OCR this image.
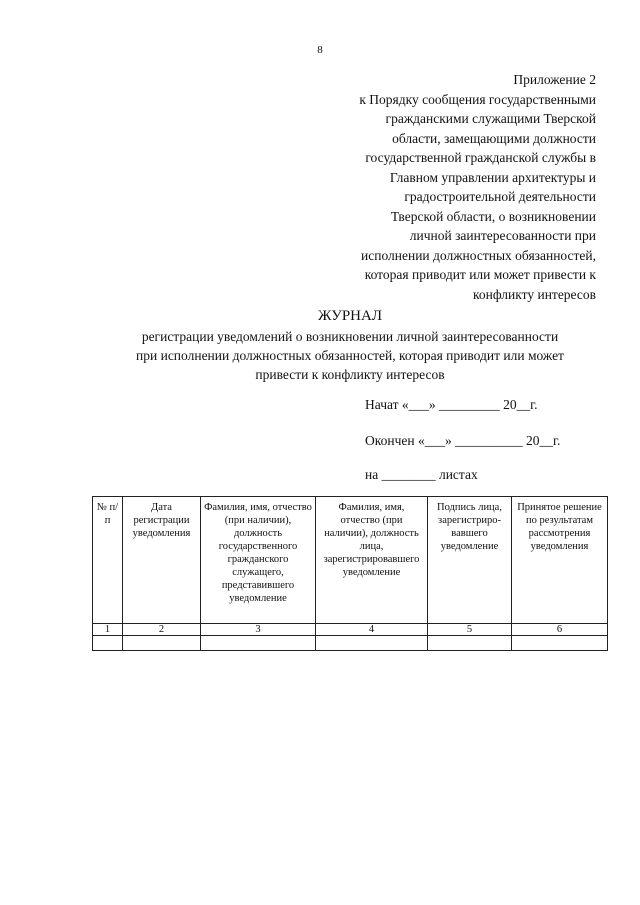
8
Приложение 2
к Порядку сообщения государственными
гражданскими служащими Тверской
области, замещающими должности
государственной гражданской службы в
Главном управлении архитектуры и
градостроительной деятельности
Тверской области, о возникновении
личной заинтересованности при
исполнении должностных обязанностей,
которая приводит или может привести к
конфликту интересов
ЖУРНАЛ
регистрации уведомлений о возникновении личной заинтересованности
при исполнении должностных обязанностей, которая приводит или может
привести к конфликту интересов
Начат «___» _________ 20__г.
Окончен «___» __________ 20__г.
на ________ листах
№ п/п	Дата регистрации уведомления	Фамилия, имя, отчество (при наличии), должность государственного гражданского служащего, представившего уведомление	Фамилия, имя, отчество (при наличии), должность лица, зарегистрировавшего уведомление	Подпись лица, зарегистриро-вавшего уведомление	Принятое решение по результатам рассмотрения уведомления
1	2	3	4	5	6
